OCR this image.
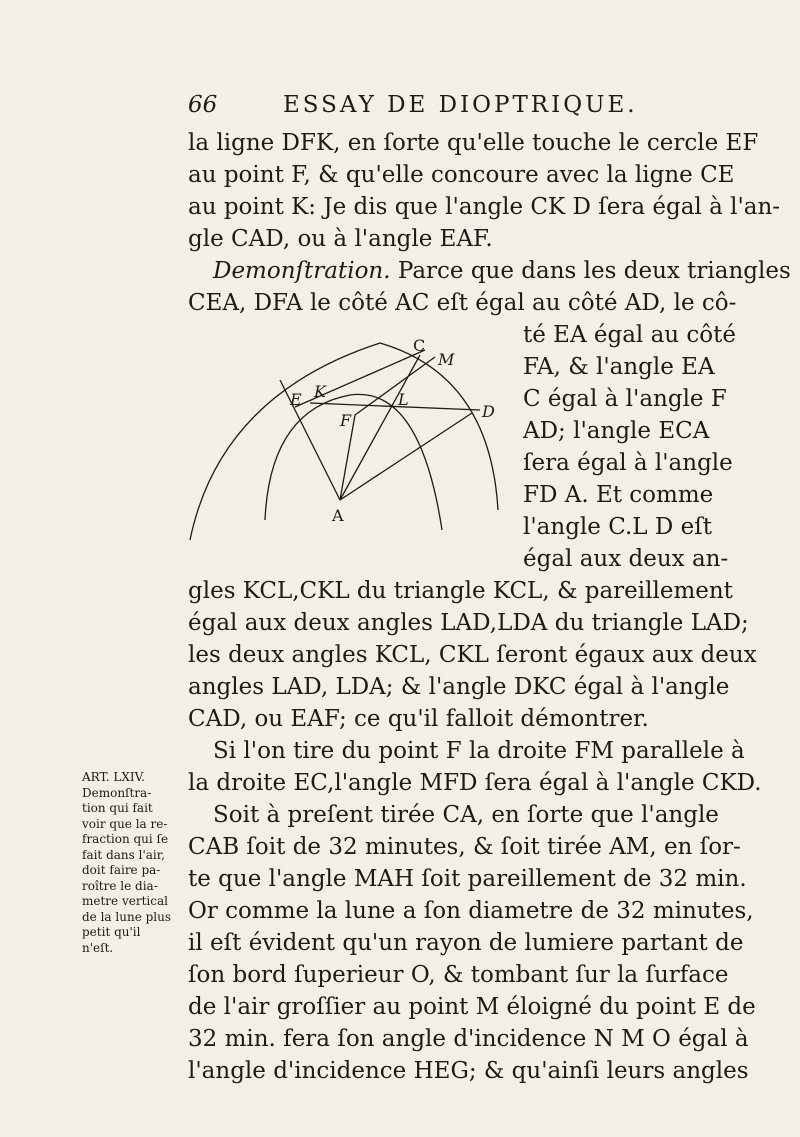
66	ESSAY DE DIOPTRIQUE.
la ligne DFK, en ſorte qu'elle touche le cercle EF
au point F, & qu'elle concoure avec la ligne CE
au point K: Je dis que l'angle CK D ſera égal à l'an-
gle CAD, ou à l'angle EAF.
Demonſtration. Parce que dans les deux triangles
CEA, DFA le côté AC eſt égal au côté AD, le cô-
té EA égal au côté
FA, & l'angle EA
C égal à l'angle F
AD; l'angle ECA
ſera égal à l'angle
FD A. Et comme
l'angle C.L D eſt
égal aux deux an-
C
M
E K	L
F	D
A
gles KCL,CKL du triangle KCL, & pareillement
égal aux deux angles LAD,LDA du triangle LAD;
les deux angles KCL, CKL ſeront égaux aux deux
angles LAD, LDA; & l'angle DKC égal à l'angle
CAD, ou EAF; ce qu'il falloit démontrer.
Si l'on tire du point F la droite FM parallele à
la droite EC,l'angle MFD ſera égal à l'angle CKD.
Soit à preſent tirée CA, en ſorte que l'angle
CAB ſoit de 32 minutes, & ſoit tirée AM, en ſor-
te que l'angle MAH ſoit pareillement de 32 min.
Or comme la lune a ſon diametre de 32 minutes,
il eſt évident qu'un rayon de lumiere partant de
ſon bord ſuperieur O, & tombant ſur la ſurface
de l'air groſſier au point M éloigné du point E de
32 min. fera ſon angle d'incidence N M O égal à
l'angle d'incidence HEG; & qu'ainſi leurs angles
ART. LXIV.
Demonſtra-
tion qui fait
voir que la re-
fraction qui ſe
fait dans l'air,
doit faire pa-
roître le dia-
metre vertical
de la lune plus
petit qu'il
n'eſt.
